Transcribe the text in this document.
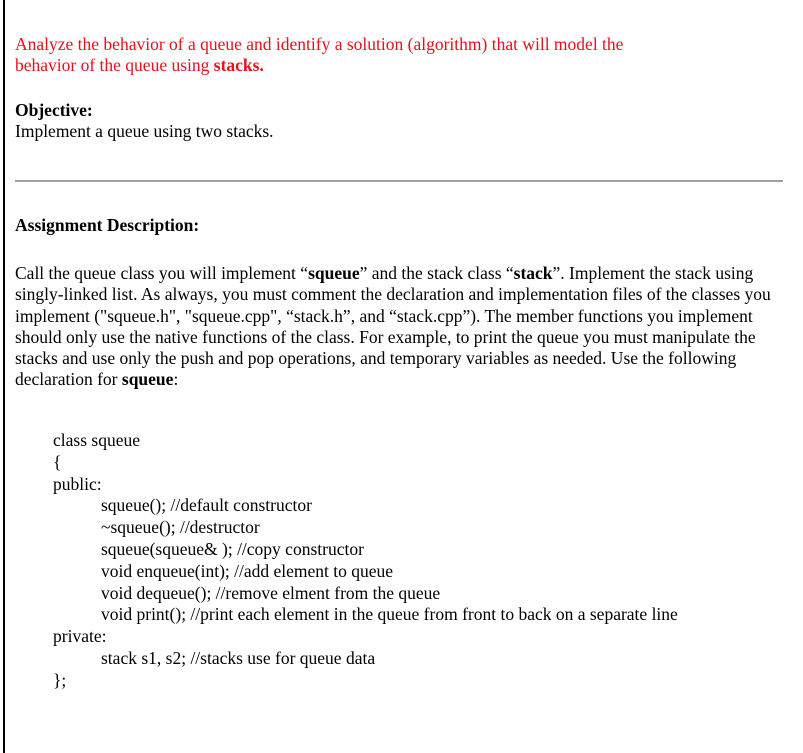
Analyze the behavior of a queue and identify a solution (algorithm) that will model the
behavior of the queue using stacks.
Objective:
Implement a queue using two stacks.
Assignment Description:
Call the queue class you will implement “squeue” and the stack class “stack”. Implement the stack using singly-linked list. As always, you must comment the declaration and implementation files of the classes you implement ("squeue.h", "squeue.cpp", “stack.h”, and “stack.cpp”). The member functions you implement should only use the native functions of the class. For example, to print the queue you must manipulate the stacks and use only the push and pop operations, and temporary variables as needed. Use the following declaration for squeue:
class squeue
{
public:
squeue(); //default constructor
~squeue(); //destructor
squeue(squeue& ); //copy constructor
void enqueue(int); //add element to queue
void dequeue(); //remove elment from the queue
void print(); //print each element in the queue from front to back on a separate line
private:
stack s1, s2; //stacks use for queue data
};
